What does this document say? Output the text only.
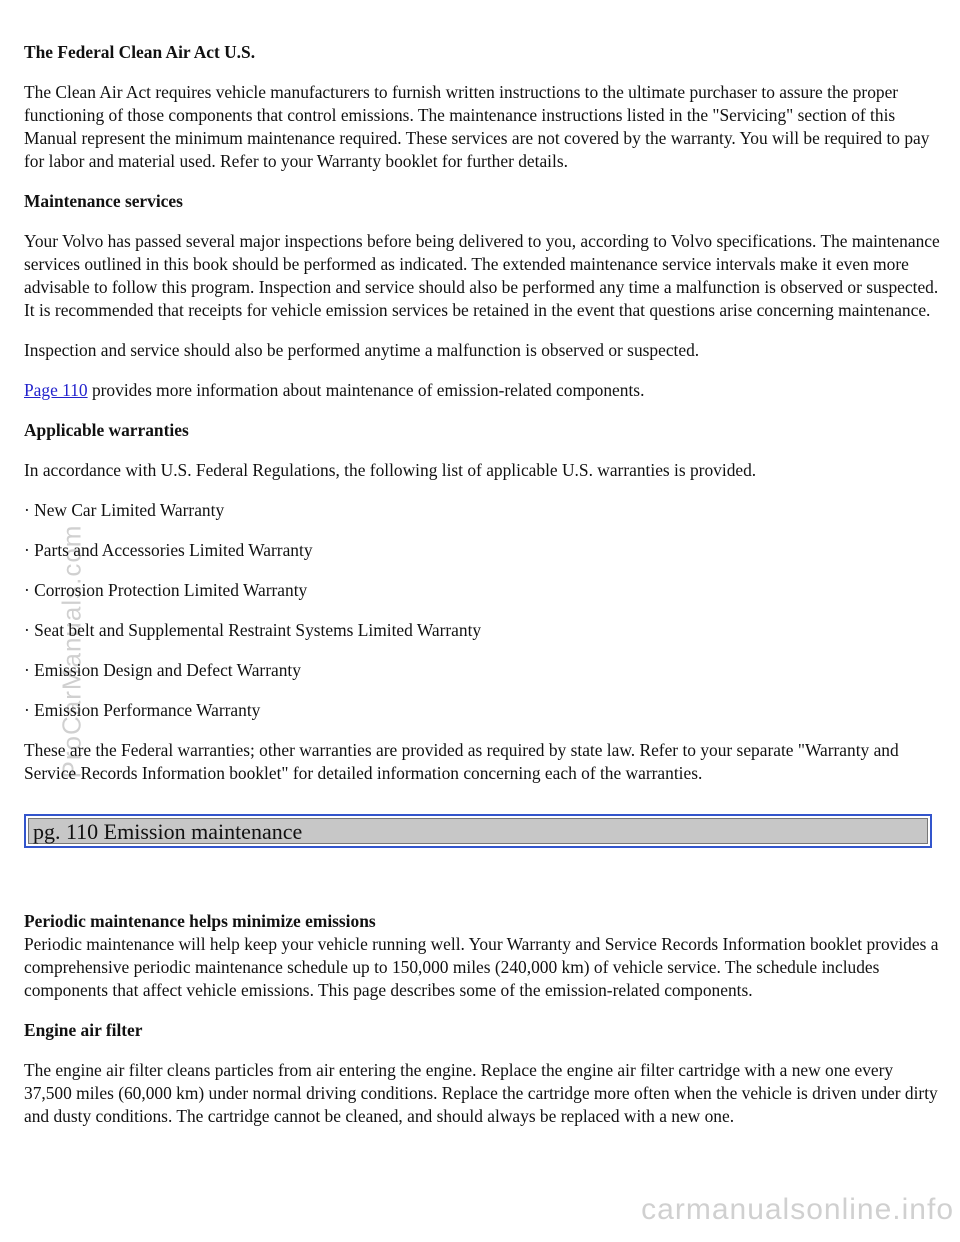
ProCarManuals.com
The Federal Clean Air Act U.S.
The Clean Air Act requires vehicle manufacturers to furnish written instructions to the ultimate purchaser to assure the proper functioning of those components that control emissions. The maintenance instructions listed in the "Servicing" section of this Manual represent the minimum maintenance required. These services are not covered by the warranty. You will be required to pay for labor and material used. Refer to your Warranty booklet for further details.
Maintenance services
Your Volvo has passed several major inspections before being delivered to you, according to Volvo specifications. The maintenance services outlined in this book should be performed as indicated. The extended maintenance service intervals make it even more advisable to follow this program. Inspection and service should also be performed any time a malfunction is observed or suspected. It is recommended that receipts for vehicle emission services be retained in the event that questions arise concerning maintenance.
Inspection and service should also be performed anytime a malfunction is observed or suspected.
Page 110 provides more information about maintenance of emission-related components.
Applicable warranties
In accordance with U.S. Federal Regulations, the following list of applicable U.S. warranties is provided.
· New Car Limited Warranty
· Parts and Accessories Limited Warranty
· Corrosion Protection Limited Warranty
· Seat belt and Supplemental Restraint Systems Limited Warranty
· Emission Design and Defect Warranty
· Emission Performance Warranty
These are the Federal warranties; other warranties are provided as required by state law. Refer to your separate "Warranty and Service Records Information booklet" for detailed information concerning each of the warranties.
pg. 110 Emission maintenance
Periodic maintenance helps minimize emissions
Periodic maintenance will help keep your vehicle running well. Your Warranty and Service Records Information booklet provides a comprehensive periodic maintenance schedule up to 150,000 miles (240,000 km) of vehicle service. The schedule includes components that affect vehicle emissions. This page describes some of the emission-related components.
Engine air filter
The engine air filter cleans particles from air entering the engine. Replace the engine air filter cartridge with a new one every 37,500 miles (60,000 km) under normal driving conditions. Replace the cartridge more often when the vehicle is driven under dirty and dusty conditions. The cartridge cannot be cleaned, and should always be replaced with a new one.
carmanualsonline.info
